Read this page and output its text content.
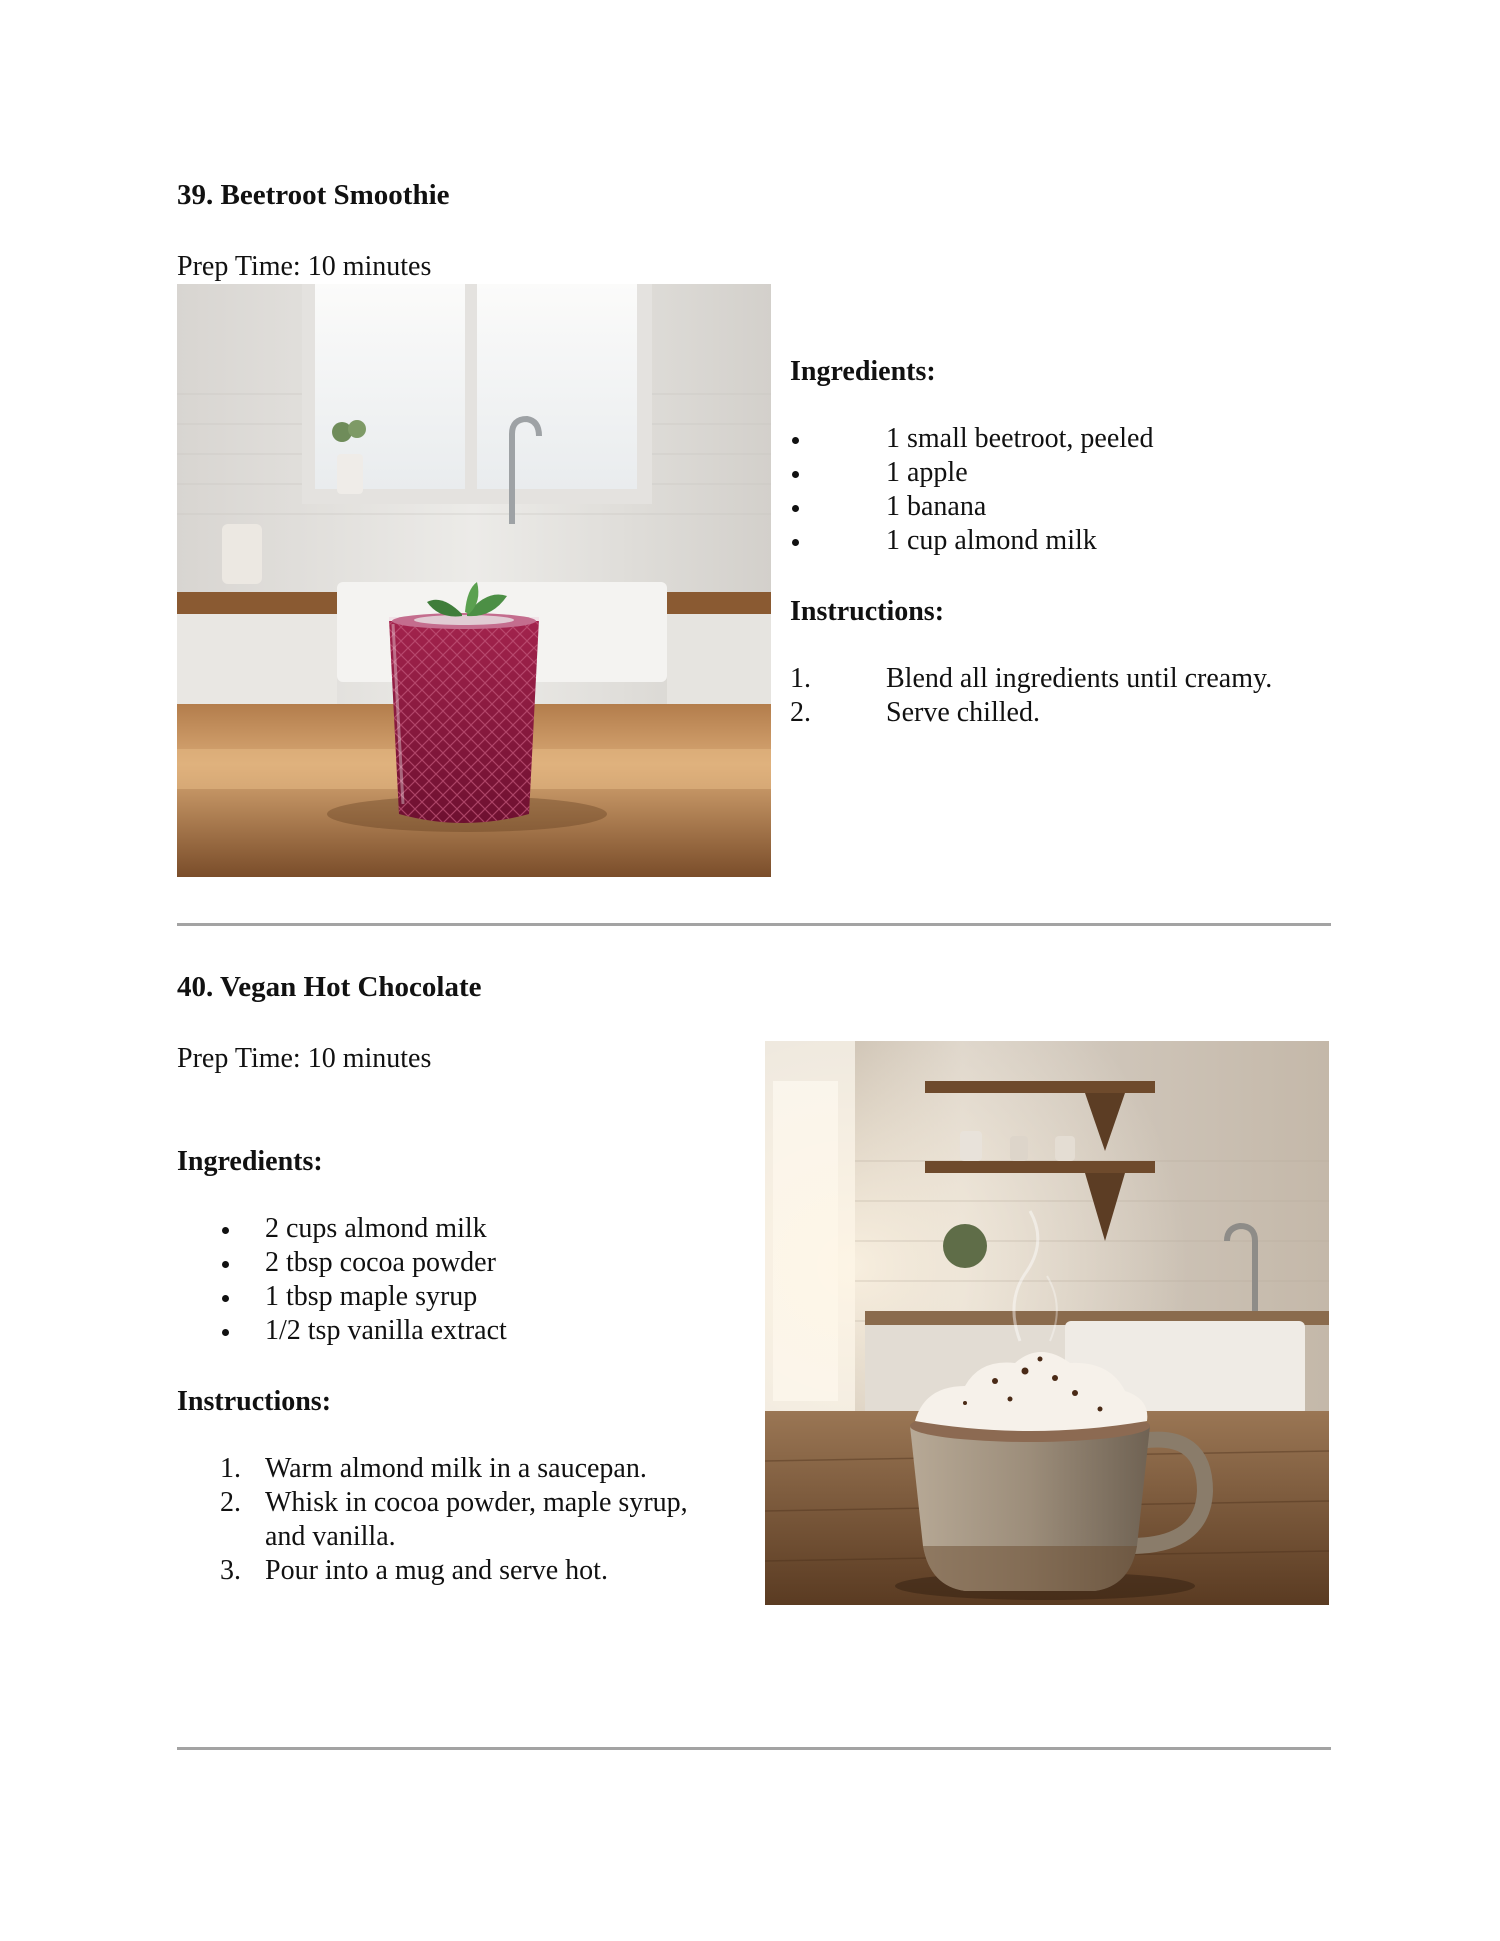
39. Beetroot Smoothie
Prep Time: 10 minutes
Ingredients:
1 small beetroot, peeled
1 apple
1 banana
1 cup almond milk
Instructions:
1.	Blend all ingredients until creamy.
2.	Serve chilled.
40. Vegan Hot Chocolate
Prep Time: 10 minutes
Ingredients:
2 cups almond milk
2 tbsp cocoa powder
1 tbsp maple syrup
1/2 tsp vanilla extract
Instructions:
1. Warm almond milk in a saucepan.
2. Whisk in cocoa powder, maple syrup,
and vanilla.
3. Pour into a mug and serve hot.
